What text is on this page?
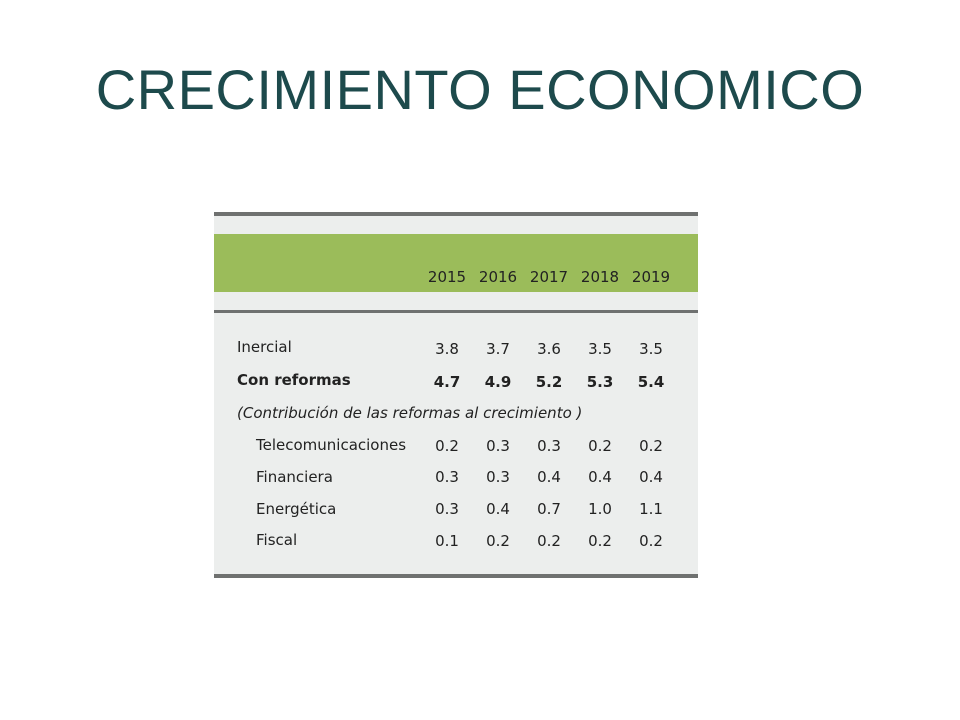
CRECIMIENTO ECONOMICO
2015 2016 2017 2018 2019
Inercial	3.8	3.7	3.6	3.5	3.5
Con reformas	4.7	4.9	5.2	5.3	5.4
(Contribución de las reformas al crecimiento )
Telecomunicaciones	0.2	0.3	0.3	0.2	0.2
Financiera	0.3	0.3	0.4	0.4	0.4
Energética	0.3	0.4	0.7	1.0	1.1
Fiscal	0.1	0.2	0.2	0.2	0.2
